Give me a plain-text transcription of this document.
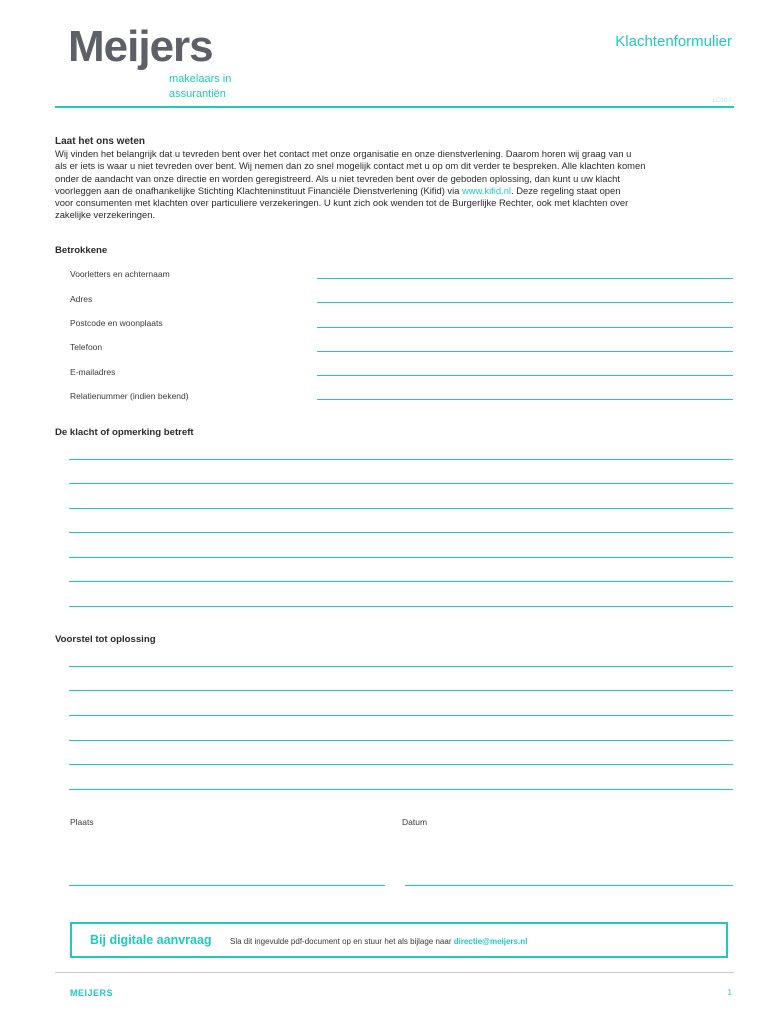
Meijers
makelaars in
assurantiën
Klachtenformulier
LC08.2
Laat het ons weten
Wij vinden het belangrijk dat u tevreden bent over het contact met onze organisatie en onze dienstverlening. Daarom horen wij graag van u
als er iets is waar u niet tevreden over bent. Wij nemen dan zo snel mogelijk contact met u op om dit verder te bespreken. Alle klachten komen
onder de aandacht van onze directie en worden geregistreerd. Als u niet tevreden bent over de geboden oplossing, dan kunt u uw klacht
voorleggen aan de onafhankelijke Stichting Klachteninstituut Financiële Dienstverlening (Kifid) via www.kifid.nl. Deze regeling staat open
voor consumenten met klachten over particuliere verzekeringen. U kunt zich ook wenden tot de Burgerlijke Rechter, ook met klachten over
zakelijke verzekeringen.
Betrokkene
Voorletters en achternaam
Adres
Postcode en woonplaats
Telefoon
E-mailadres
Relatienummer (indien bekend)
De klacht of opmerking betreft
Voorstel tot oplossing
Plaats	Datum
Bij digitale aanvraag Sla dit ingevulde pdf-document op en stuur het als bijlage naar directie@meijers.nl
MEIJERS	1
